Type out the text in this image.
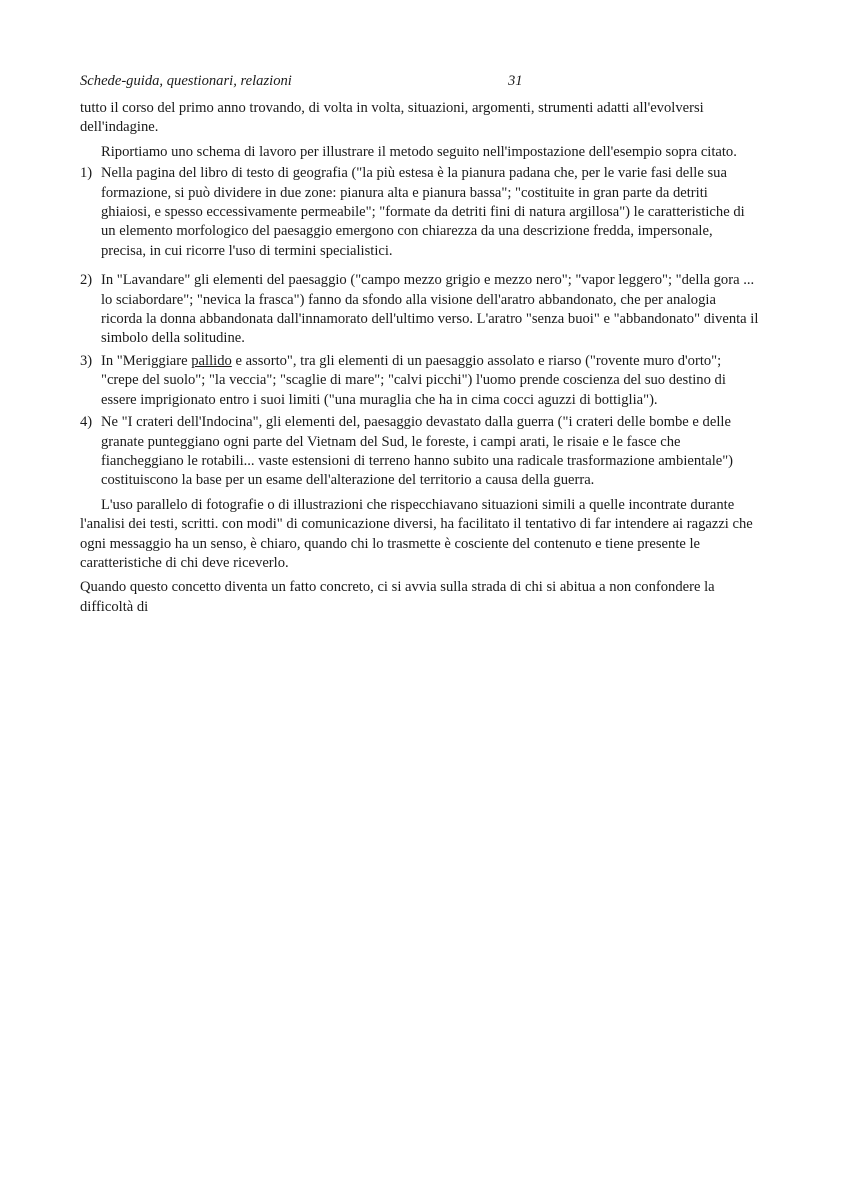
Schede-guida, questionari, relazioni	31

tutto il corso del primo anno trovando, di volta in volta, situazioni, argomenti, strumenti adatti all'evolversi dell'indagine.

Riportiamo uno schema di lavoro per illustrare il metodo seguito nell'impostazione dell'esempio sopra citato.

1) Nella pagina del libro di testo di geografia ("la più estesa è la pianura padana che, per le varie fasi delle sua formazione, si può dividere in due zone: pianura alta e pianura bassa"; "costituite in gran parte da detriti ghiaiosi, e spesso eccessivamente permeabile"; "formate da detriti fini di natura argillosa") le caratteristiche di un elemento morfologico del paesaggio emergono con chiarezza da una descrizione fredda, impersonale, precisa, in cui ricorre l'uso di termini specialistici.
2) In "Lavandare" gli elementi del paesaggio ("campo mezzo grigio e mezzo nero"; "vapor leggero"; "della gora ... lo sciabordare"; "nevica la frasca") fanno da sfondo alla visione dell'aratro abbandonato, che per analogia ricorda la donna abbandonata dall'innamorato dell'ultimo verso. L'aratro "senza buoi" e "abbandonato" diventa il simbolo della solitudine.
3) In "Meriggiare pallido e assorto", tra gli elementi di un paesaggio assolato e riarso ("rovente muro d'orto"; "crepe del suolo"; "la veccia"; "scaglie di mare"; "calvi picchi") l'uomo prende coscienza del suo destino di essere imprigionato entro i suoi limiti ("una muraglia che ha in cima cocci aguzzi di bottiglia").
4) Ne "I crateri dell'Indocina", gli elementi del, paesaggio devastato dalla guerra ("i crateri delle bombe e delle granate punteggiano ogni parte del Vietnam del Sud, le foreste, i campi arati, le risaie e le fasce che fiancheggiano le rotabili... vaste estensioni di terreno hanno subito una radicale trasformazione ambientale") costituiscono la base per un esame dell'alterazione del territorio a causa della guerra.

L'uso parallelo di fotografie o di illustrazioni che rispecchiavano situazioni simili a quelle incontrate durante l'analisi dei testi, scritti. con modi" di comunicazione diversi, ha facilitato il tentativo di far intendere ai ragazzi che ogni messaggio ha un senso, è chiaro, quando chi lo trasmette è cosciente del contenuto e tiene presente le caratteristiche di chi deve riceverlo.

Quando questo concetto diventa un fatto concreto, ci si avvia sulla strada di chi si abitua a non confondere la difficoltà di
